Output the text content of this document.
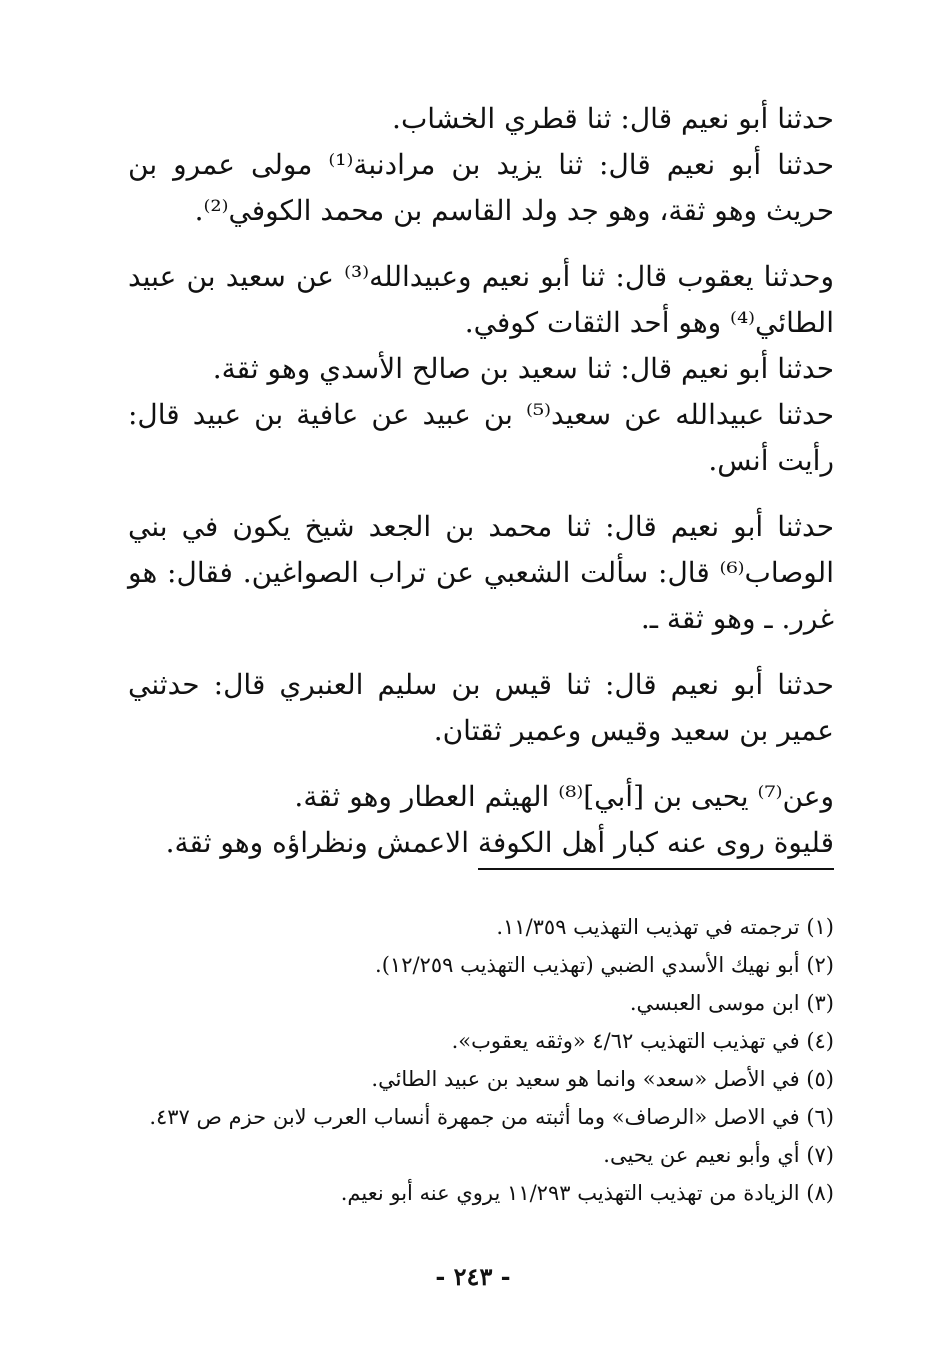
حدثنا أبو نعيم قال: ثنا قطري الخشاب.

حدثنا أبو نعيم قال: ثنا يزيد بن مرادنبة⁽¹⁾ مولى عمرو بن حريث وهو ثقة، وهو جد ولد القاسم بن محمد الكوفي⁽²⁾.

وحدثنا يعقوب قال: ثنا أبو نعيم وعبيدالله⁽³⁾ عن سعيد بن عبيد الطائي⁽⁴⁾ وهو أحد الثقات كوفي.

حدثنا أبو نعيم قال: ثنا سعيد بن صالح الأسدي وهو ثقة.

حدثنا عبيدالله عن سعيد⁽⁵⁾ بن عبيد عن عافية بن عبيد قال: رأيت أنس.

حدثنا أبو نعيم قال: ثنا محمد بن الجعد شيخ يكون في بني الوصاب⁽⁶⁾ قال: سألت الشعبي عن تراب الصواغين. فقال: هو غرر. ـ وهو ثقة ـ.

حدثنا أبو نعيم قال: ثنا قيس بن سليم العنبري قال: حدثني عمير بن سعيد وقيس وعمير ثقتان.

وعن⁽⁷⁾ يحيى بن [أبي]⁽⁸⁾ الهيثم العطار وهو ثقة.

قليوة روى عنه كبار أهل الكوفة الاعمش ونظراؤه وهو ثقة.

(١) ترجمته في تهذيب التهذيب ١١/٣٥٩.

(٢) أبو نهيك الأسدي الضبي (تهذيب التهذيب ١٢/٢٥٩).

(٣) ابن موسى العبسي.

(٤) في تهذيب التهذيب ٤/٦٢ «وثقه يعقوب».

(٥) في الأصل «سعد» وانما هو سعيد بن عبيد الطائي.

(٦) في الاصل «الرصاف» وما أثبته من جمهرة أنساب العرب لابن حزم ص ٤٣٧.

(٧) أي وأبو نعيم عن يحيى.

(٨) الزيادة من تهذيب التهذيب ١١/٢٩٣ يروي عنه أبو نعيم.

- ٢٤٣ -
